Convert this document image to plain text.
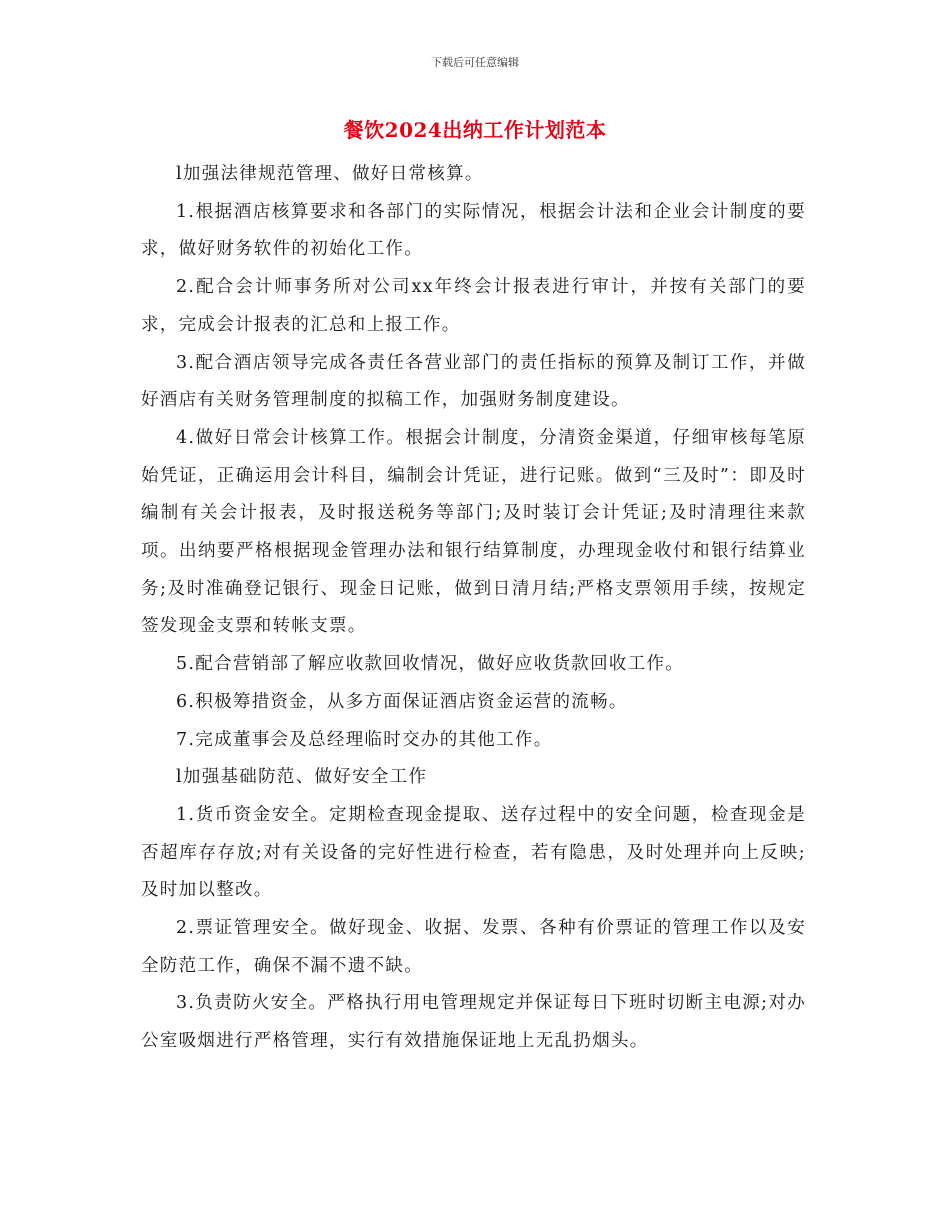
下载后可任意编辑
餐饮2024出纳工作计划范本

l加强法律规范管理、做好日常核算。

1.根据酒店核算要求和各部门的实际情况，根据会计法和企业会计制度的要求，做好财务软件的初始化工作。

2.配合会计师事务所对公司xx年终会计报表进行审计，并按有关部门的要求，完成会计报表的汇总和上报工作。

3.配合酒店领导完成各责任各营业部门的责任指标的预算及制订工作，并做好酒店有关财务管理制度的拟稿工作，加强财务制度建设。

4.做好日常会计核算工作。根据会计制度，分清资金渠道，仔细审核每笔原始凭证，正确运用会计科目，编制会计凭证，进行记账。做到“三及时”：即及时编制有关会计报表，及时报送税务等部门;及时装订会计凭证;及时清理往来款项。出纳要严格根据现金管理办法和银行结算制度，办理现金收付和银行结算业务;及时准确登记银行、现金日记账，做到日清月结;严格支票领用手续，按规定签发现金支票和转帐支票。

5.配合营销部了解应收款回收情况，做好应收货款回收工作。

6.积极筹措资金，从多方面保证酒店资金运营的流畅。

7.完成董事会及总经理临时交办的其他工作。

l加强基础防范、做好安全工作

1.货币资金安全。定期检查现金提取、送存过程中的安全问题，检查现金是否超库存存放;对有关设备的完好性进行检查，若有隐患，及时处理并向上反映;及时加以整改。

2.票证管理安全。做好现金、收据、发票、各种有价票证的管理工作以及安全防范工作，确保不漏不遗不缺。

3.负责防火安全。严格执行用电管理规定并保证每日下班时切断主电源;对办公室吸烟进行严格管理，实行有效措施保证地上无乱扔烟头。
